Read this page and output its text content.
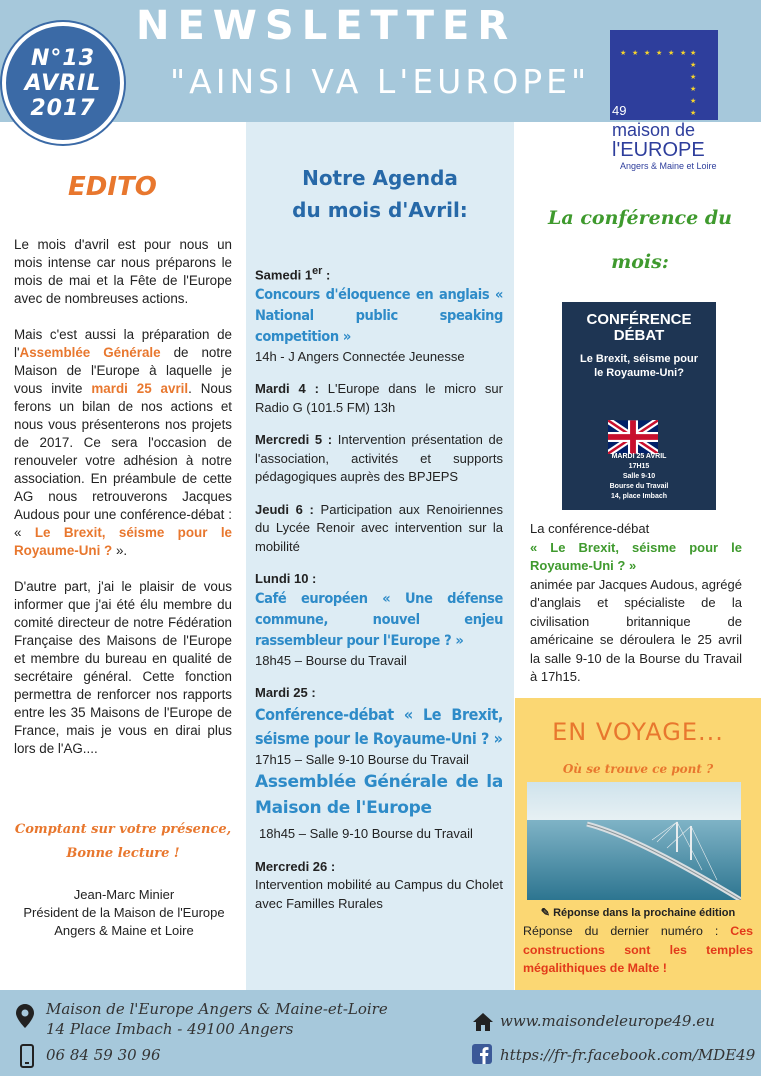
N°13
AVRIL
2017
NEWSLETTER
"AINSI VA L'EUROPE"
★ ★ ★ ★ ★ ★ ★
★
★
★
★
★
49
maison de
l'EUROPE
Angers & Maine et Loire
EDITO

Le mois d'avril est pour nous un mois intense car nous préparons le mois de mai et la Fête de l'Europe avec de nombreuses actions.

Mais c'est aussi la préparation de l'Assemblée Générale de notre Maison de l'Europe à laquelle je vous invite mardi 25 avril. Nous ferons un bilan de nos actions et nous vous présenterons nos projets de 2017. Ce sera l'occasion de renouveler votre adhésion à notre association. En préambule de cette AG nous retrouverons Jacques Audous pour une conférence-débat : « Le Brexit, séisme pour le Royaume-Uni ? ».

D'autre part, j'ai le plaisir de vous informer que j'ai été élu membre du comité directeur de notre Fédération Française des Maisons de l'Europe et membre du bureau en qualité de secrétaire général. Cette fonction permettra de renforcer nos rapports entre les 35 Maisons de l'Europe de France, mais je vous en dirai plus lors de l'AG....

Comptant sur votre présence,
Bonne lecture !
Jean-Marc Minier
Président de la Maison de l'Europe
Angers & Maine et Loire
Notre Agenda
du mois d'Avril:
Samedi 1er :
Concours d'éloquence en anglais « National public speaking competition »
14h - J Angers Connectée Jeunesse
Mardi 4 : L'Europe dans le micro sur Radio G (101.5 FM) 13h
Mercredi 5 : Intervention présentation de l'association, activités et supports pédagogiques auprès des BPJEPS
Jeudi 6 : Participation aux Renoiriennes du Lycée Renoir avec intervention sur la mobilité
Lundi 10 :
Café européen « Une défense commune, nouvel enjeu rassembleur pour l'Europe ? »
18h45 – Bourse du Travail
Mardi 25 :
Conférence-débat « Le Brexit, séisme pour le Royaume-Uni ? »
17h15 – Salle 9-10 Bourse du Travail
Assemblée Générale de la Maison de l'Europe
18h45 – Salle 9-10 Bourse du Travail
Mercredi 26 :
Intervention mobilité au Campus du Cholet avec Familles Rurales
La conférence du
mois:
CONFÉRENCE
DÉBAT
Le Brexit, séisme pour
le Royaume-Uni?
MARDI 25 AVRIL
17H15
Salle 9-10
Bourse du Travail
14, place Imbach
La conférence-débat
« Le Brexit, séisme pour le Royaume-Uni ? »
animée par Jacques Audous, agrégé d'anglais et spécialiste de la civilisation britannique de américaine se déroulera le 25 avril la salle 9-10 de la Bourse du Travail à 17h15.
EN VOYAGE...
Où se trouve ce pont ?
✎ Réponse dans la prochaine édition
Réponse du dernier numéro : Ces constructions sont les temples mégalithiques de Malte !
Maison de l'Europe Angers & Maine-et-Loire
14 Place Imbach - 49100 Angers
06 84 59 30 96
www.maisondeleurope49.eu
https://fr-fr.facebook.com/MDE49
